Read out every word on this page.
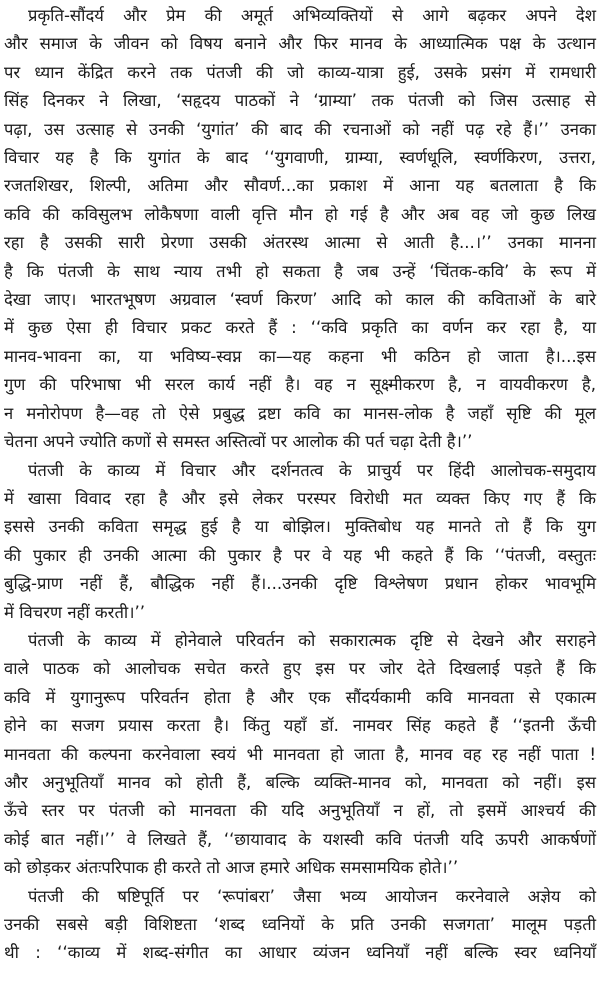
प्रकृति-सौंदर्य और प्रेम की अमूर्त अभिव्यक्तियों से आगे बढ़कर अपने देश
और समाज के जीवन को विषय बनाने और फिर मानव के आध्यात्मिक पक्ष के उत्थान
पर ध्यान केंद्रित करने तक पंतजी की जो काव्य-यात्रा हुई, उसके प्रसंग में रामधारी
सिंह दिनकर ने लिखा, ‘सहृदय पाठकों ने ‘ग्राम्या’ तक पंतजी को जिस उत्साह से
पढ़ा, उस उत्साह से उनकी ‘युगांत’ की बाद की रचनाओं को नहीं पढ़ रहे हैं।’’ उनका
विचार यह है कि युगांत के बाद ‘‘युगवाणी, ग्राम्या, स्वर्णधूलि, स्वर्णकिरण, उत्तरा,
रजतशिखर, शिल्पी, अतिमा और सौवर्ण...का प्रकाश में आना यह बतलाता है कि
कवि की कविसुलभ लोकैषणा वाली वृत्ति मौन हो गई है और अब वह जो कुछ लिख
रहा है उसकी सारी प्रेरणा उसकी अंतरस्थ आत्मा से आती है...।’’ उनका मानना
है कि पंतजी के साथ न्याय तभी हो सकता है जब उन्हें ‘चिंतक-कवि’ के रूप में
देखा जाए। भारतभूषण अग्रवाल ‘स्वर्ण किरण’ आदि को काल की कविताओं के बारे
में कुछ ऐसा ही विचार प्रकट करते हैं : ‘‘कवि प्रकृति का वर्णन कर रहा है, या
मानव-भावना का, या भविष्य-स्वप्न का—यह कहना भी कठिन हो जाता है।...इस
गुण की परिभाषा भी सरल कार्य नहीं है। वह न सूक्ष्मीकरण है, न वायवीकरण है,
न मनोरोपण है—वह तो ऐसे प्रबुद्ध द्रष्टा कवि का मानस-लोक है जहाँ सृष्टि की मूल
चेतना अपने ज्योति कणों से समस्त अस्तित्वों पर आलोक की पर्त चढ़ा देती है।’’
पंतजी के काव्य में विचार और दर्शनतत्व के प्राचुर्य पर हिंदी आलोचक-समुदाय
में खासा विवाद रहा है और इसे लेकर परस्पर विरोधी मत व्यक्त किए गए हैं कि
इससे उनकी कविता समृद्ध हुई है या बोझिल। मुक्तिबोध यह मानते तो हैं कि युग
की पुकार ही उनकी आत्मा की पुकार है पर वे यह भी कहते हैं कि ‘‘पंतजी, वस्तुतः
बुद्धि-प्राण नहीं हैं, बौद्धिक नहीं हैं।...उनकी दृष्टि विश्लेषण प्रधान होकर भावभूमि
में विचरण नहीं करती।’’
पंतजी के काव्य में होनेवाले परिवर्तन को सकारात्मक दृष्टि से देखने और सराहने
वाले पाठक को आलोचक सचेत करते हुए इस पर जोर देते दिखलाई पड़ते हैं कि
कवि में युगानुरूप परिवर्तन होता है और एक सौंदर्यकामी कवि मानवता से एकात्म
होने का सजग प्रयास करता है। किंतु यहाँ डॉ. नामवर सिंह कहते हैं ‘‘इतनी ऊँची
मानवता की कल्पना करनेवाला स्वयं भी मानवता हो जाता है, मानव वह रह नहीं पाता !
और अनुभूतियाँ मानव को होती हैं, बल्कि व्यक्ति-मानव को, मानवता को नहीं। इस
ऊँचे स्तर पर पंतजी को मानवता की यदि अनुभूतियाँ न हों, तो इसमें आश्चर्य की
कोई बात नहीं।’’ वे लिखते हैं, ‘‘छायावाद के यशस्वी कवि पंतजी यदि ऊपरी आकर्षणों
को छोड़कर अंतःपरिपाक ही करते तो आज हमारे अधिक समसामयिक होते।’’
पंतजी की षष्टिपूर्ति पर ‘रूपांबरा’ जैसा भव्य आयोजन करनेवाले अज्ञेय को
उनकी सबसे बड़ी विशिष्टता ‘शब्द ध्वनियों के प्रति उनकी सजगता’ मालूम पड़ती
थी : ‘‘काव्य में शब्द-संगीत का आधार व्यंजन ध्वनियाँ नहीं बल्कि स्वर ध्वनियाँ
